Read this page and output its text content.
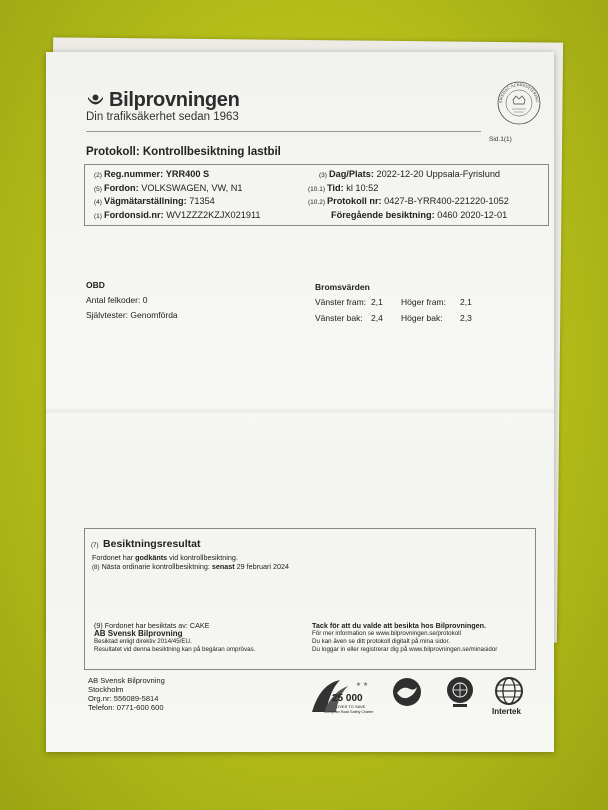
Bilprovningen
Din trafiksäkerhet sedan 1963
SWEDAC ACKREDITERING
Sid.1(1)
Protokoll: Kontrollbesiktning lastbil
(2) Reg.nummer: YRR400 S
(5) Fordon: VOLKSWAGEN, VW, N1
(4) Vägmätarställning: 71354
(1) Fordonsid.nr: WV1ZZZ2KZJX021911
(3) Dag/Plats: 2022-12-20 Uppsala-Fyrislund
(10.1) Tid: kl 10:52
(10.2) Protokoll nr: 0427-B-YRR400-221220-1052
Föregående besiktning: 0460 2020-12-01
OBD
Antal felkoder: 0
Självtester: Genomförda
Bromsvärden
Vänster fram: 2,1 Höger fram: 2,1
Vänster bak: 2,4 Höger bak: 2,3
(7) Besiktningsresultat
Fordonet har godkänts vid kontrollbesiktning.
(8) Nästa ordinarie kontrollbesiktning: senast 29 februari 2024
(9) Fordonet har besiktats av: CAKE
AB Svensk Bilprovning
Besiktad enligt direktiv 2014/45/EU.
Resultatet vid denna besiktning kan på begäran omprövas.
Tack för att du valde att besikta hos Bilprovningen.
För mer information se www.bilprovningen.se/protokoll
Du kan även se ditt protokoll digitalt på mina sidor.
Du loggar in eller registrerar dig på www.bilprovningen.se/minasidor
AB Svensk Bilprovning
Stockholm
Org.nr: 556089-5814
Telefon: 0771-600 600
★ ★
25 000
LIVES TO SAVE
European Road Safety Charter	Intertek
